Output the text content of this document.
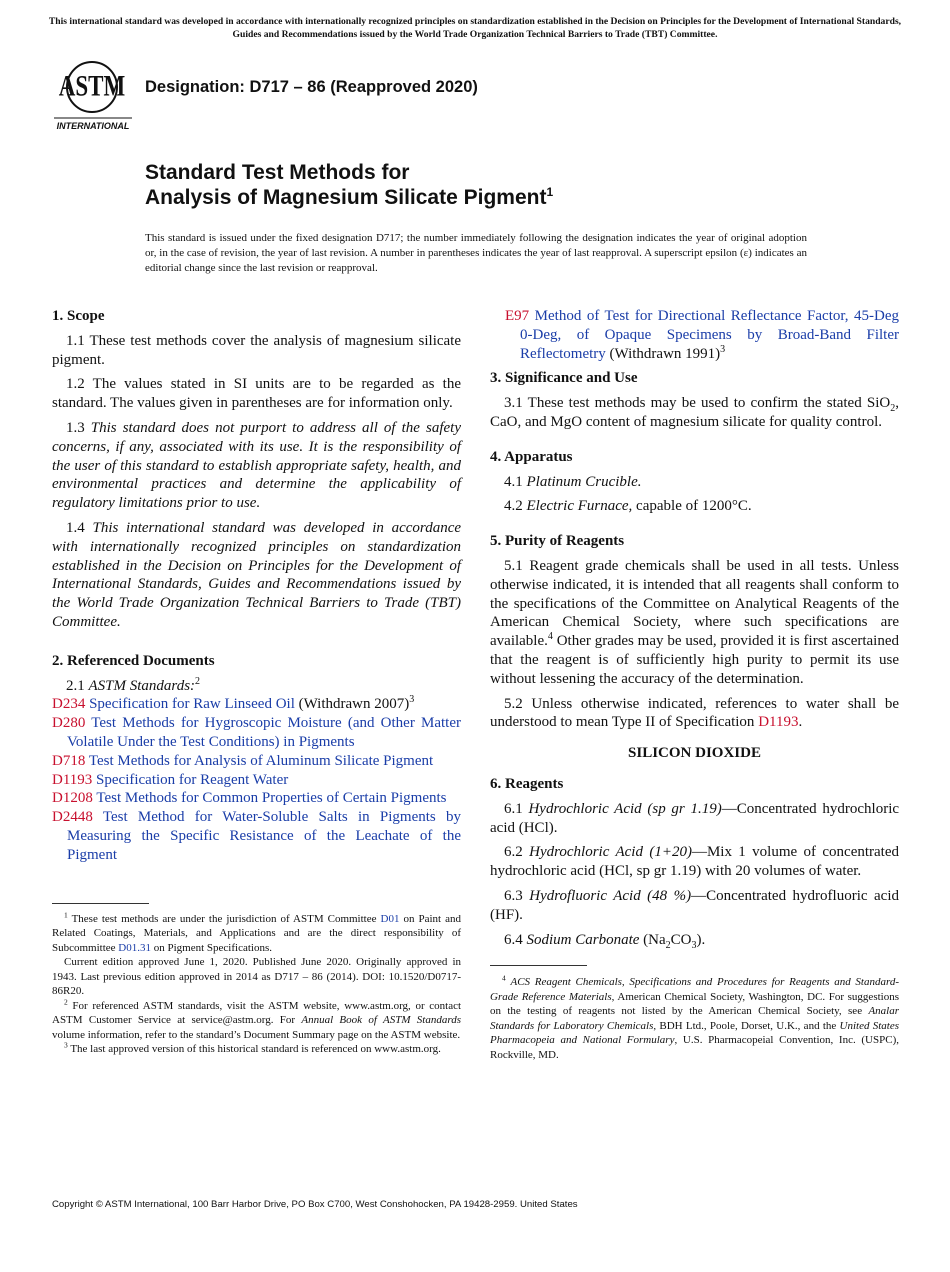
This international standard was developed in accordance with internationally recognized principles on standardization established in the Decision on Principles for the Development of International Standards, Guides and Recommendations issued by the World Trade Organization Technical Barriers to Trade (TBT) Committee.
ASTM
INTERNATIONAL
Designation: D717 – 86 (Reapproved 2020)
Standard Test Methods for
Analysis of Magnesium Silicate Pigment$^1$
This standard is issued under the fixed designation D717; the number immediately following the designation indicates the year of original adoption or, in the case of revision, the year of last revision. A number in parentheses indicates the year of last reapproval. A superscript epsilon (ε) indicates an editorial change since the last revision or reapproval.
1. Scope

1.1 These test methods cover the analysis of magnesium silicate pigment.

1.2 The values stated in SI units are to be regarded as the standard. The values given in parentheses are for information only.

1.3 This standard does not purport to address all of the safety concerns, if any, associated with its use. It is the responsibility of the user of this standard to establish appropriate safety, health, and environmental practices and determine the applicability of regulatory limitations prior to use.

1.4 This international standard was developed in accordance with internationally recognized principles on standardization established in the Decision on Principles for the Development of International Standards, Guides and Recommendations issued by the World Trade Organization Technical Barriers to Trade (TBT) Committee.

2. Referenced Documents

2.1 ASTM Standards:$^2$

D234 Specification for Raw Linseed Oil (Withdrawn 2007)$^3$

D280 Test Methods for Hygroscopic Moisture (and Other Matter Volatile Under the Test Conditions) in Pigments

D718 Test Methods for Analysis of Aluminum Silicate Pigment

D1193 Specification for Reagent Water

D1208 Test Methods for Common Properties of Certain Pigments

D2448 Test Method for Water-Soluble Salts in Pigments by Measuring the Specific Resistance of the Leachate of the Pigment

$^1$ These test methods are under the jurisdiction of ASTM Committee D01 on Paint and Related Coatings, Materials, and Applications and are the direct responsibility of Subcommittee D01.31 on Pigment Specifications.

Current edition approved June 1, 2020. Published June 2020. Originally approved in 1943. Last previous edition approved in 2014 as D717 – 86 (2014). DOI: 10.1520/D0717-86R20.

$^2$ For referenced ASTM standards, visit the ASTM website, www.astm.org, or contact ASTM Customer Service at service@astm.org. For Annual Book of ASTM Standards volume information, refer to the standard’s Document Summary page on the ASTM website.

$^3$ The last approved version of this historical standard is referenced on www.astm.org.

E97 Method of Test for Directional Reflectance Factor, 45-Deg 0-Deg, of Opaque Specimens by Broad-Band Filter Reflectometry (Withdrawn 1991)$^3$

3. Significance and Use

3.1 These test methods may be used to confirm the stated SiO$_2$, CaO, and MgO content of magnesium silicate for quality control.

4. Apparatus

4.1 Platinum Crucible.

4.2 Electric Furnace, capable of 1200°C.

5. Purity of Reagents

5.1 Reagent grade chemicals shall be used in all tests. Unless otherwise indicated, it is intended that all reagents shall conform to the specifications of the Committee on Analytical Reagents of the American Chemical Society, where such specifications are available.$^4$ Other grades may be used, provided it is first ascertained that the reagent is of sufficiently high purity to permit its use without lessening the accuracy of the determination.

5.2 Unless otherwise indicated, references to water shall be understood to mean Type II of Specification D1193.

SILICON DIOXIDE
6. Reagents

6.1 Hydrochloric Acid (sp gr 1.19)—Concentrated hydrochloric acid (HCl).

6.2 Hydrochloric Acid (1+20)—Mix 1 volume of concentrated hydrochloric acid (HCl, sp gr 1.19) with 20 volumes of water.

6.3 Hydrofluoric Acid (48 %)—Concentrated hydrofluoric acid (HF).

6.4 Sodium Carbonate $(Na_2CO_3)$.

$^4$ ACS Reagent Chemicals, Specifications and Procedures for Reagents and Standard-Grade Reference Materials, American Chemical Society, Washington, DC. For suggestions on the testing of reagents not listed by the American Chemical Society, see Analar Standards for Laboratory Chemicals, BDH Ltd., Poole, Dorset, U.K., and the United States Pharmacopeia and National Formulary, U.S. Pharmacopeial Convention, Inc. (USPC), Rockville, MD.

Copyright © ASTM International, 100 Barr Harbor Drive, PO Box C700, West Conshohocken, PA 19428-2959. United States
